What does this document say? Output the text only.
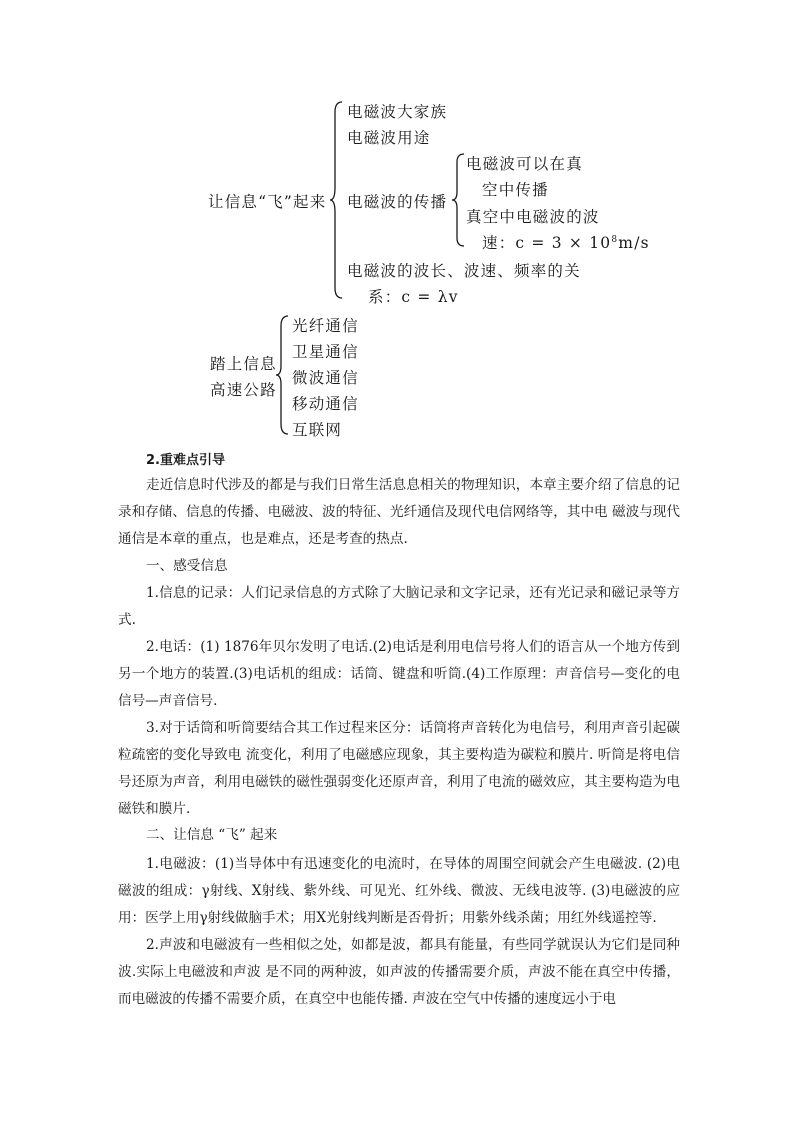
让信息“飞”起来
电磁波大家族
电磁波用途
电磁波的传播
电磁波的波长、波速、频率的关
系：c = λv
电磁波可以在真
空中传播
真空中电磁波的波
速：$c = 3 \times 10^8m/s$
踏上信息
高速公路
光纤通信
卫星通信
微波通信
移动通信
互联网
2.重难点引导
走近信息时代涉及的都是与我们日常生活息息相关的物理知识，本章主要介绍了信息的记录和存储、信息的传播、电磁波、波的特征、光纤通信及现代电信网络等，其中电 磁波与现代通信是本章的重点，也是难点，还是考查的热点.
一、感受信息
1.信息的记录：人们记录信息的方式除了大脑记录和文字记录，还有光记录和磁记录等方式.
2.电话：(1) 1876年贝尔发明了电话.(2)电话是利用电信号将人们的语言从一个地方传到另一个地方的装置.(3)电话机的组成：话筒、键盘和听筒.(4)工作原理：声音信号—变化的电信号—声音信号.
3.对于话筒和听筒要结合其工作过程来区分：话筒将声音转化为电信号，利用声音引起碳粒疏密的变化导致电 流变化，利用了电磁感应现象，其主要构造为碳粒和膜片. 听筒是将电信号还原为声音，利用电磁铁的磁性强弱变化还原声音，利用了电流的磁效应，其主要构造为电磁铁和膜片.
二、让信息 “飞” 起来
1.电磁波：(1)当导体中有迅速变化的电流时，在导体的周围空间就会产生电磁波. (2)电磁波的组成：γ射线、X射线、紫外线、可见光、红外线、微波、无线电波等. (3)电磁波的应用：医学上用γ射线做脑手术；用X光射线判断是否骨折；用紫外线杀菌；用红外线遥控等.
2.声波和电磁波有一些相似之处，如都是波，都具有能量，有些同学就误认为它们是同种波.实际上电磁波和声波 是不同的两种波，如声波的传播需要介质，声波不能在真空中传播，而电磁波的传播不需要介质，在真空中也能传播. 声波在空气中传播的速度远小于电
